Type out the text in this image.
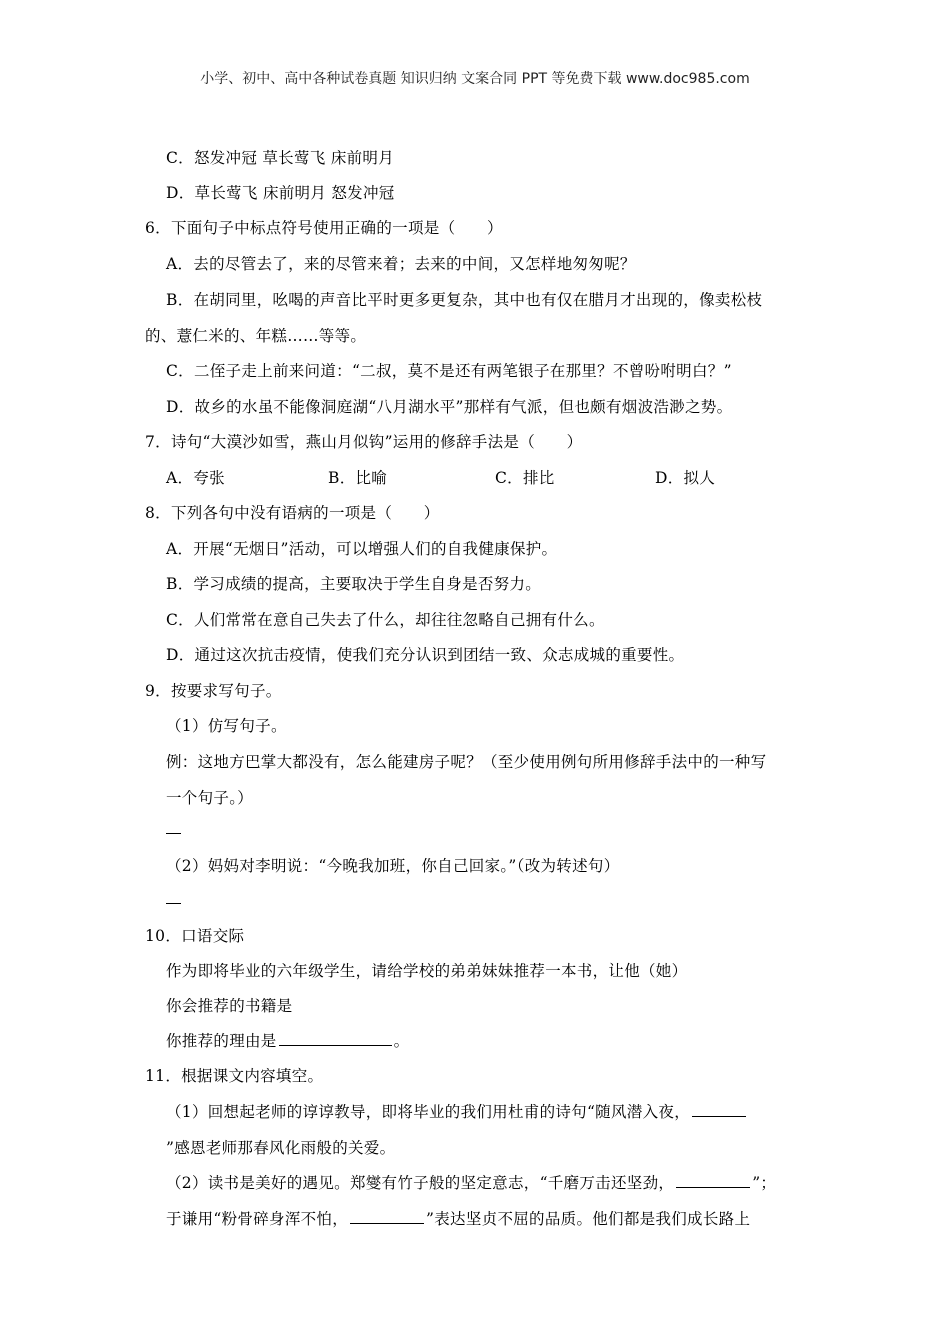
小学、初中、高中各种试卷真题 知识归纳 文案合同 PPT 等免费下载 www.doc985.com
C．怒发冲冠 草长莺飞 床前明月
D．草长莺飞 床前明月 怒发冲冠
6．下面句子中标点符号使用正确的一项是（　　）
A．去的尽管去了，来的尽管来着；去来的中间，又怎样地匆匆呢？
B．在胡同里，吆喝的声音比平时更多更复杂，其中也有仅在腊月才出现的，像卖松枝
的、薏仁米的、年糕……等等。
C．二侄子走上前来问道：“二叔，莫不是还有两笔银子在那里？不曾吩咐明白？”
D．故乡的水虽不能像洞庭湖“八月湖水平”那样有气派，但也颇有烟波浩渺之势。
7．诗句“大漠沙如雪，燕山月似钩”运用的修辞手法是（　　）
A．夸张	B．比喻	C．排比	D．拟人
8．下列各句中没有语病的一项是（　　）
A．开展“无烟日”活动，可以增强人们的自我健康保护。
B．学习成绩的提高，主要取决于学生自身是否努力。
C．人们常常在意自己失去了什么，却往往忽略自己拥有什么。
D．通过这次抗击疫情，使我们充分认识到团结一致、众志成城的重要性。
9．按要求写句子。
（1）仿写句子。
例：这地方巴掌大都没有，怎么能建房子呢？（至少使用例句所用修辞手法中的一种写
一个句子。）
（2）妈妈对李明说：“今晚我加班，你自己回家。”（改为转述句）
10．口语交际
作为即将毕业的六年级学生，请给学校的弟弟妹妹推荐一本书，让他（她）
你会推荐的书籍是
你推荐的理由是	。
11．根据课文内容填空。
（1）回想起老师的谆谆教导，即将毕业的我们用杜甫的诗句“随风潜入夜，
”感恩老师那春风化雨般的关爱。
（2）读书是美好的遇见。郑燮有竹子般的坚定意志，“千磨万击还坚劲，	”；
于谦用“粉骨碎身浑不怕，	”表达坚贞不屈的品质。他们都是我们成长路上
